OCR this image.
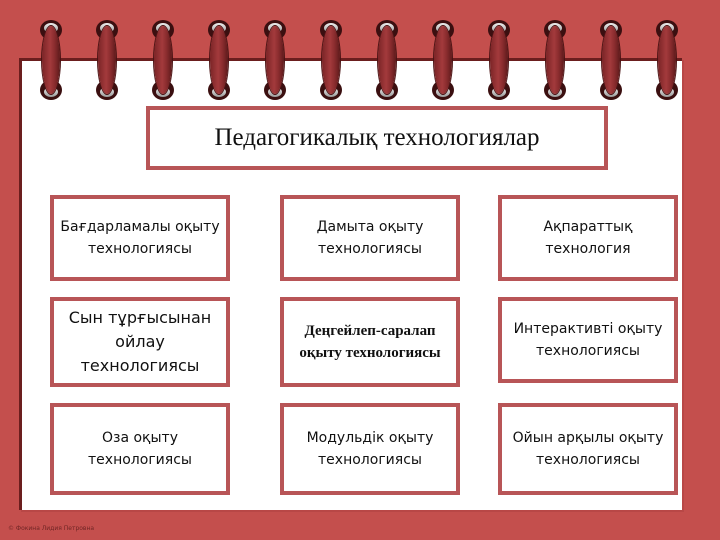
Педагогикалық технологиялар
Бағдарламалы оқыту технологиясы
Дамыта оқыту технологиясы
Ақпараттық технология
Сын тұрғысынан ойлау технологиясы
Деңгейлеп-саралап оқыту технологиясы
Интерактивті оқыту технологиясы
Оза оқыту технологиясы
Модульдік оқыту технологиясы
Ойын арқылы оқыту технологиясы
© Фокина Лидия Петровна
